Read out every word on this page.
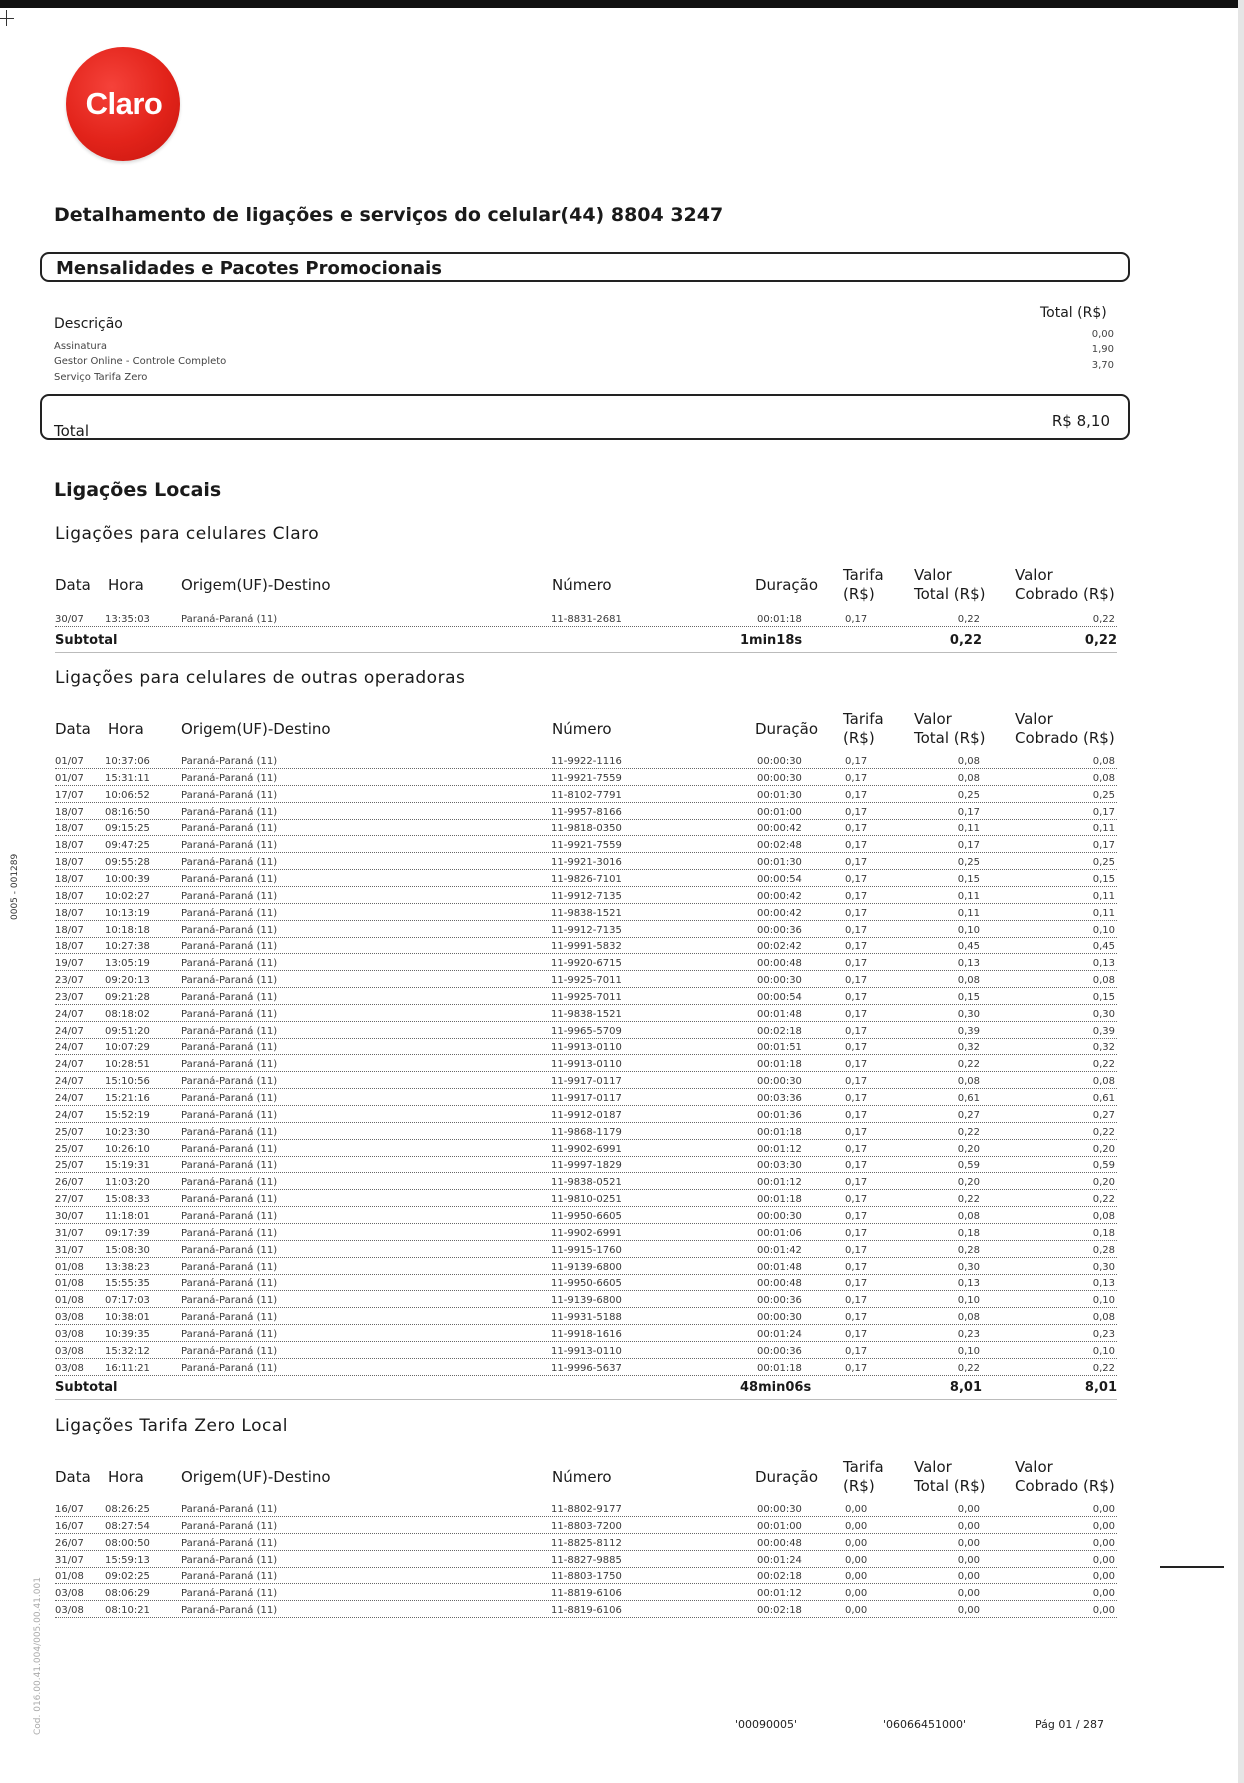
Claro
Detalhamento de ligações e serviços do celular(44) 8804 3247
Mensalidades e Pacotes Promocionais
Descrição
Total (R$)
Assinatura
0,00
Gestor Online - Controle Completo
1,90
Serviço Tarifa Zero
3,70
Total
R$ 8,10
Ligações Locais
Ligações para celulares Claro
Data Hora Origem(UF)-Destino	Número	Duração
Tarifa
(R$)
Valor
Total (R$)
Valor
Cobrado (R$)
30/07 13:35:03	Paraná-Paraná (11)	11-8831-2681	00:01:18	0,17	0,22	0,22
Subtotal	1min18s	0,22	0,22
Ligações para celulares de outras operadoras
Data Hora Origem(UF)-Destino	Número	Duração
Tarifa
(R$)
Valor
Total (R$)
Valor
Cobrado (R$)
01/07 10:37:06	Paraná-Paraná (11)	11-9922-1116	00:00:30	0,17	0,08	0,08
01/07 15:31:11	Paraná-Paraná (11)	11-9921-7559	00:00:30	0,17	0,08	0,08
17/07 10:06:52	Paraná-Paraná (11)	11-8102-7791	00:01:30	0,17	0,25	0,25
18/07 08:16:50	Paraná-Paraná (11)	11-9957-8166	00:01:00	0,17	0,17	0,17
18/07 09:15:25	Paraná-Paraná (11)	11-9818-0350	00:00:42	0,17	0,11	0,11
18/07 09:47:25	Paraná-Paraná (11)	11-9921-7559	00:02:48	0,17	0,17	0,17
18/07 09:55:28	Paraná-Paraná (11)	11-9921-3016	00:01:30	0,17	0,25	0,25
18/07 10:00:39	Paraná-Paraná (11)	11-9826-7101	00:00:54	0,17	0,15	0,15
18/07 10:02:27	Paraná-Paraná (11)	11-9912-7135	00:00:42	0,17	0,11	0,11
18/07 10:13:19	Paraná-Paraná (11)	11-9838-1521	00:00:42	0,17	0,11	0,11
18/07 10:18:18	Paraná-Paraná (11)	11-9912-7135	00:00:36	0,17	0,10	0,10
18/07 10:27:38	Paraná-Paraná (11)	11-9991-5832	00:02:42	0,17	0,45	0,45
19/07 13:05:19	Paraná-Paraná (11)	11-9920-6715	00:00:48	0,17	0,13	0,13
23/07 09:20:13	Paraná-Paraná (11)	11-9925-7011	00:00:30	0,17	0,08	0,08
23/07 09:21:28	Paraná-Paraná (11)	11-9925-7011	00:00:54	0,17	0,15	0,15
24/07 08:18:02	Paraná-Paraná (11)	11-9838-1521	00:01:48	0,17	0,30	0,30
24/07 09:51:20	Paraná-Paraná (11)	11-9965-5709	00:02:18	0,17	0,39	0,39
24/07 10:07:29	Paraná-Paraná (11)	11-9913-0110	00:01:51	0,17	0,32	0,32
24/07 10:28:51	Paraná-Paraná (11)	11-9913-0110	00:01:18	0,17	0,22	0,22
24/07 15:10:56	Paraná-Paraná (11)	11-9917-0117	00:00:30	0,17	0,08	0,08
24/07 15:21:16	Paraná-Paraná (11)	11-9917-0117	00:03:36	0,17	0,61	0,61
24/07 15:52:19	Paraná-Paraná (11)	11-9912-0187	00:01:36	0,17	0,27	0,27
25/07 10:23:30	Paraná-Paraná (11)	11-9868-1179	00:01:18	0,17	0,22	0,22
25/07 10:26:10	Paraná-Paraná (11)	11-9902-6991	00:01:12	0,17	0,20	0,20
25/07 15:19:31	Paraná-Paraná (11)	11-9997-1829	00:03:30	0,17	0,59	0,59
26/07 11:03:20	Paraná-Paraná (11)	11-9838-0521	00:01:12	0,17	0,20	0,20
27/07 15:08:33	Paraná-Paraná (11)	11-9810-0251	00:01:18	0,17	0,22	0,22
30/07 11:18:01	Paraná-Paraná (11)	11-9950-6605	00:00:30	0,17	0,08	0,08
31/07 09:17:39	Paraná-Paraná (11)	11-9902-6991	00:01:06	0,17	0,18	0,18
31/07 15:08:30	Paraná-Paraná (11)	11-9915-1760	00:01:42	0,17	0,28	0,28
01/08 13:38:23	Paraná-Paraná (11)	11-9139-6800	00:01:48	0,17	0,30	0,30
01/08 15:55:35	Paraná-Paraná (11)	11-9950-6605	00:00:48	0,17	0,13	0,13
01/08 07:17:03	Paraná-Paraná (11)	11-9139-6800	00:00:36	0,17	0,10	0,10
03/08 10:38:01	Paraná-Paraná (11)	11-9931-5188	00:00:30	0,17	0,08	0,08
03/08 10:39:35	Paraná-Paraná (11)	11-9918-1616	00:01:24	0,17	0,23	0,23
03/08 15:32:12	Paraná-Paraná (11)	11-9913-0110	00:00:36	0,17	0,10	0,10
03/08 16:11:21	Paraná-Paraná (11)	11-9996-5637	00:01:18	0,17	0,22	0,22
Subtotal	48min06s	8,01	8,01
Ligações Tarifa Zero Local
Data Hora Origem(UF)-Destino	Número	Duração
Tarifa
(R$)
Valor
Total (R$)
Valor
Cobrado (R$)
16/07 08:26:25	Paraná-Paraná (11)	11-8802-9177	00:00:30	0,00	0,00	0,00
16/07 08:27:54	Paraná-Paraná (11)	11-8803-7200	00:01:00	0,00	0,00	0,00
26/07 08:00:50	Paraná-Paraná (11)	11-8825-8112	00:00:48	0,00	0,00	0,00
31/07 15:59:13	Paraná-Paraná (11)	11-8827-9885	00:01:24	0,00	0,00	0,00
01/08 09:02:25	Paraná-Paraná (11)	11-8803-1750	00:02:18	0,00	0,00	0,00
03/08 08:06:29	Paraná-Paraná (11)	11-8819-6106	00:01:12	0,00	0,00	0,00
03/08 08:10:21	Paraná-Paraná (11)	11-8819-6106	00:02:18	0,00	0,00	0,00
0005 - 001289
Cod. 016.00.41.004/005.00.41.001	'00090005'	'06066451000'	Pág 01 / 287
